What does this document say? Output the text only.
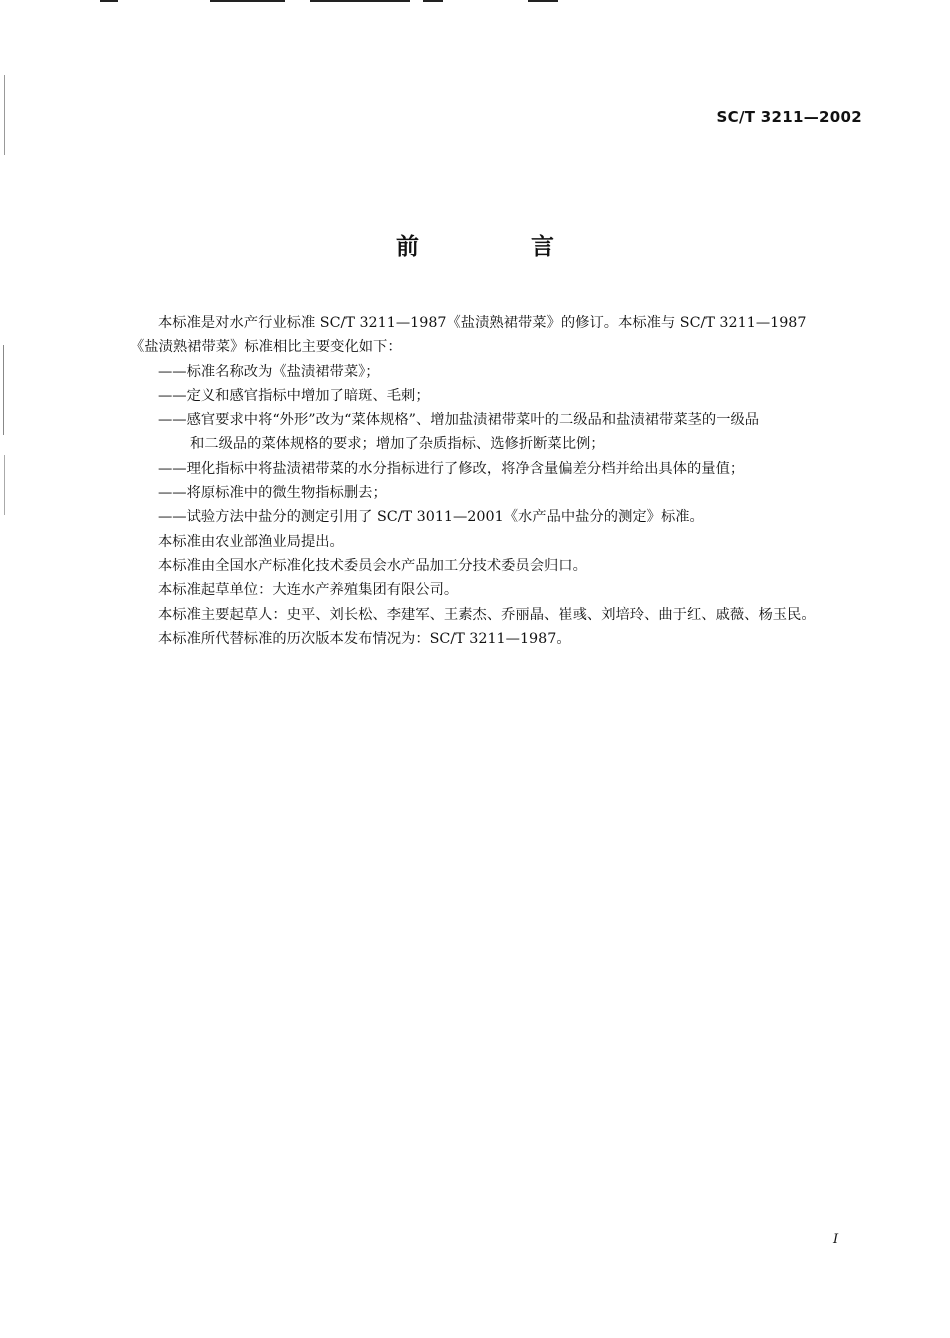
SC/T 3211—2002

前 言

本标准是对水产行业标准 SC/T 3211—1987《盐渍熟裙带菜》的修订。本标准与 SC/T 3211—1987

《盐渍熟裙带菜》标准相比主要变化如下：

——标准名称改为《盐渍裙带菜》；

——定义和感官指标中增加了暗斑、毛刺；

——感官要求中将“外形”改为“菜体规格”、增加盐渍裙带菜叶的二级品和盐渍裙带菜茎的一级品

和二级品的菜体规格的要求；增加了杂质指标、选修折断菜比例；

——理化指标中将盐渍裙带菜的水分指标进行了修改，将净含量偏差分档并给出具体的量值；

——将原标准中的微生物指标删去；

——试验方法中盐分的测定引用了 SC/T 3011—2001《水产品中盐分的测定》标准。

本标准由农业部渔业局提出。

本标准由全国水产标准化技术委员会水产品加工分技术委员会归口。

本标准起草单位：大连水产养殖集团有限公司。

本标准主要起草人：史平、刘长松、李建军、王素杰、乔丽晶、崔彧、刘培玲、曲于红、戚薇、杨玉民。

本标准所代替标准的历次版本发布情况为：SC/T 3211—1987。

I
